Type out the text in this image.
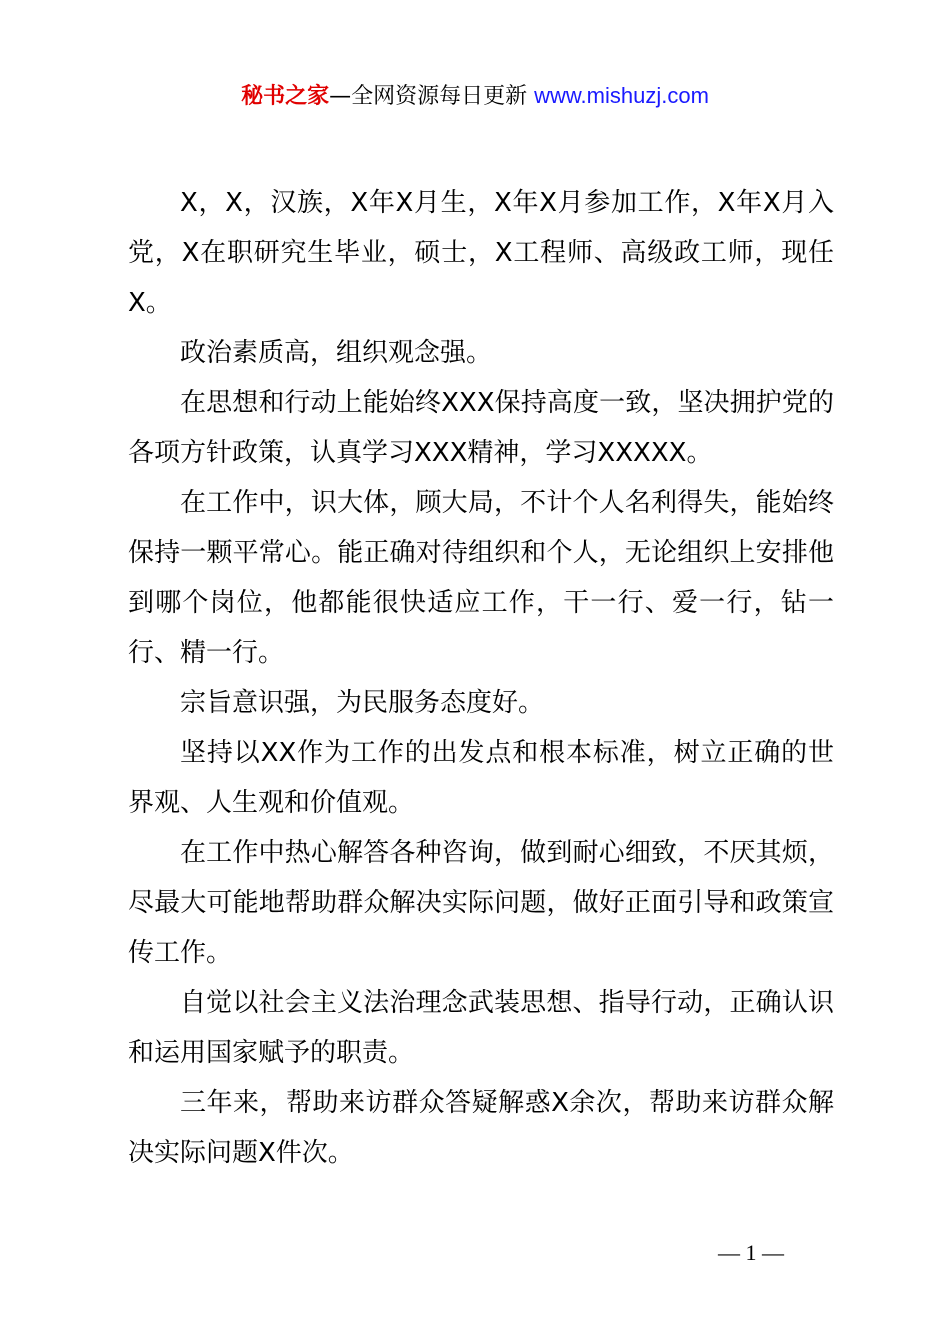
秘书之家—全网资源每日更新 www.mishuzj.com

X，X，汉族，X年X月生，X年X月参加工作，X年X月入党，X在职研究生毕业，硕士，X工程师、高级政工师，现任X。

政治素质高，组织观念强。

在思想和行动上能始终XXX保持高度一致，坚决拥护党的各项方针政策，认真学习XXX精神，学习XXXXX。

在工作中，识大体，顾大局，不计个人名利得失，能始终保持一颗平常心。能正确对待组织和个人，无论组织上安排他到哪个岗位，他都能很快适应工作，干一行、爱一行，钻一行、精一行。

宗旨意识强，为民服务态度好。

坚持以XX作为工作的出发点和根本标准，树立正确的世界观、人生观和价值观。

在工作中热心解答各种咨询，做到耐心细致，不厌其烦，尽最大可能地帮助群众解决实际问题，做好正面引导和政策宣传工作。

自觉以社会主义法治理念武装思想、指导行动，正确认识和运用国家赋予的职责。

三年来，帮助来访群众答疑解惑X余次，帮助来访群众解决实际问题X件次。

— 1 —
